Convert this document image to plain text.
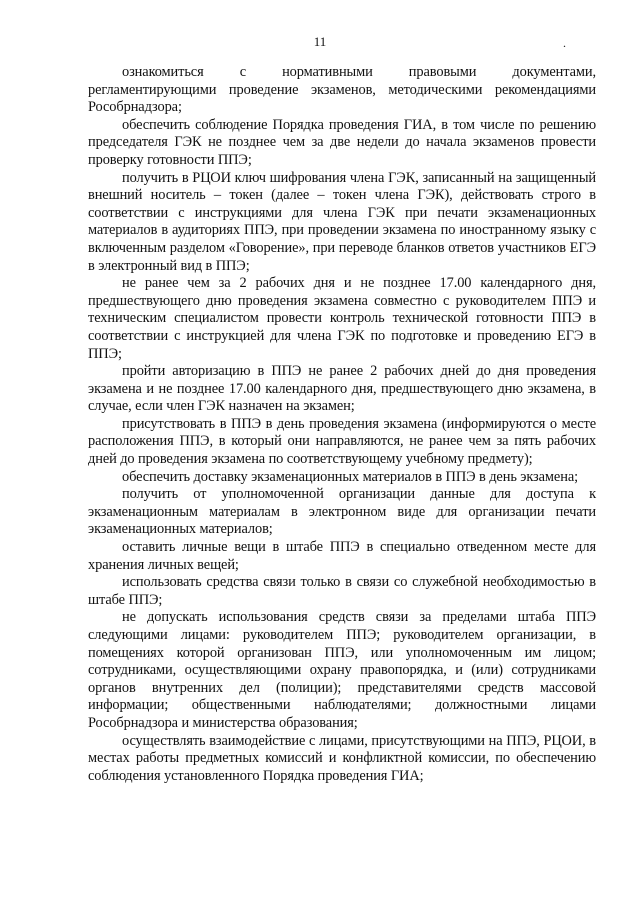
11	.

ознакомиться с нормативными правовыми документами, регламентирующими проведение экзаменов, методическими рекомендациями Рособрнадзора;

обеспечить соблюдение Порядка проведения ГИА, в том числе по решению председателя ГЭК не позднее чем за две недели до начала экзаменов провести проверку готовности ППЭ;

получить в РЦОИ ключ шифрования члена ГЭК, записанный на защищенный внешний носитель – токен (далее – токен члена ГЭК), действовать строго в соответствии с инструкциями для члена ГЭК при печати экзаменационных материалов в аудиториях ППЭ, при проведении экзамена по иностранному языку с включенным разделом «Говорение», при переводе бланков ответов участников ЕГЭ в электронный вид в ППЭ;

не ранее чем за 2 рабочих дня и не позднее 17.00 календарного дня, предшествующего дню проведения экзамена совместно с руководителем ППЭ и техническим специалистом провести контроль технической готовности ППЭ в соответствии с инструкцией для члена ГЭК по подготовке и проведению ЕГЭ в ППЭ;

пройти авторизацию в ППЭ не ранее 2 рабочих дней до дня проведения экзамена и не позднее 17.00 календарного дня, предшествующего дню экзамена, в случае, если член ГЭК назначен на экзамен;

присутствовать в ППЭ в день проведения экзамена (информируются о месте расположения ППЭ, в который они направляются, не ранее чем за пять рабочих дней до проведения экзамена по соответствующему учебному предмету);

обеспечить доставку экзаменационных материалов в ППЭ в день экзамена;

получить от уполномоченной организации данные для доступа к экзаменационным материалам в электронном виде для организации печати экзаменационных материалов;

оставить личные вещи в штабе ППЭ в специально отведенном месте для хранения личных вещей;

использовать средства связи только в связи со служебной необходимостью в штабе ППЭ;

не допускать использования средств связи за пределами штаба ППЭ следующими лицами: руководителем ППЭ; руководителем организации, в помещениях которой организован ППЭ, или уполномоченным им лицом; сотрудниками, осуществляющими охрану правопорядка, и (или) сотрудниками органов внутренних дел (полиции); представителями средств массовой информации; общественными наблюдателями; должностными лицами Рособрнадзора и министерства образования;

осуществлять взаимодействие с лицами, присутствующими на ППЭ, РЦОИ, в местах работы предметных комиссий и конфликтной комиссии, по обеспечению соблюдения установленного Порядка проведения ГИА;
